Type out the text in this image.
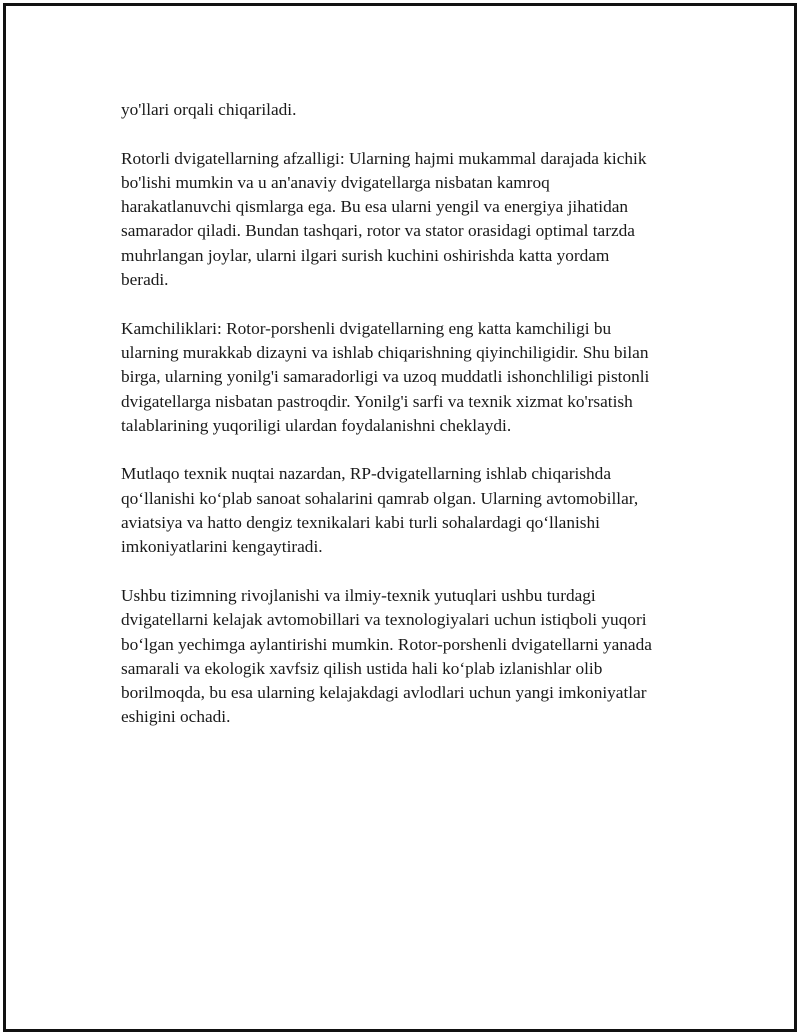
yo'llari orqali chiqariladi.

Rotorli dvigatellarning afzalligi: Ularning hajmi mukammal darajada kichik
bo'lishi mumkin va u an'anaviy dvigatellarga nisbatan kamroq
harakatlanuvchi qismlarga ega. Bu esa ularni yengil va energiya jihatidan
samarador qiladi. Bundan tashqari, rotor va stator orasidagi optimal tarzda
muhrlangan joylar, ularni ilgari surish kuchini oshirishda katta yordam
beradi.

Kamchiliklari: Rotor-porshenli dvigatellarning eng katta kamchiligi bu
ularning murakkab dizayni va ishlab chiqarishning qiyinchiligidir. Shu bilan
birga, ularning yonilg'i samaradorligi va uzoq muddatli ishonchliligi pistonli
dvigatellarga nisbatan pastroqdir. Yonilg'i sarfi va texnik xizmat ko'rsatish
talablarining yuqoriligi ulardan foydalanishni cheklaydi.

Mutlaqo texnik nuqtai nazardan, RP-dvigatellarning ishlab chiqarishda
qo‘llanishi ko‘plab sanoat sohalarini qamrab olgan. Ularning avtomobillar,
aviatsiya va hatto dengiz texnikalari kabi turli sohalardagi qo‘llanishi
imkoniyatlarini kengaytiradi.

Ushbu tizimning rivojlanishi va ilmiy-texnik yutuqlari ushbu turdagi
dvigatellarni kelajak avtomobillari va texnologiyalari uchun istiqboli yuqori
bo‘lgan yechimga aylantirishi mumkin. Rotor-porshenli dvigatellarni yanada
samarali va ekologik xavfsiz qilish ustida hali ko‘plab izlanishlar olib
borilmoqda, bu esa ularning kelajakdagi avlodlari uchun yangi imkoniyatlar
eshigini ochadi.
